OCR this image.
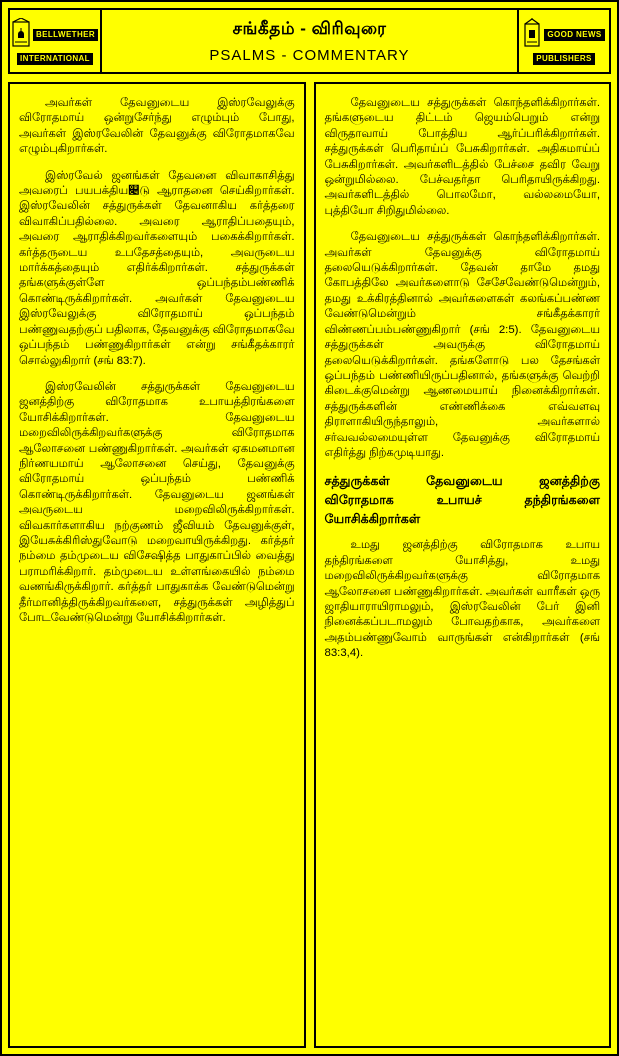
BELLWETHER
INTERNATIONAL
சங்கீதம் - விரிவுரை
PSALMS - COMMENTARY
GOOD NEWS
PUBLISHERS

அவர்கள் தேவனுடைய இஸ்ரவேலுக்கு விரோதமாய் ஒன்றுசேர்ந்து எழும்பும் போது, அவர்கள் இஸ்ரவேலின் தேவனுக்கு விரோதமாகவே எழும்புகிறார்கள்.

இஸ்ரவேல் ஜனங்கள் தேவனை விவாகாசித்து அவரைப் பயபக்திய௄டு ஆராதனை செய்கிறார்கள். இஸ்ரவேலின் சத்துருக்கள் தேவனாகிய கர்த்தரை விவாகிப்பதில்லை. அவரை ஆராதிப்பதையும், அவரை ஆராதிக்கிறவர்களையும் பகைக்கிறார்கள். கர்த்தருடைய உபதேசத்தையும், அவருடைய மார்க்கத்தையும் எதிர்க்கிறார்கள். சத்துருக்கள் தங்களுக்குள்ளே ஒப்பந்தம்பண்ணிக் கொண்டிருக்கிறார்கள். அவர்கள் தேவனுடைய இஸ்ரவேலுக்கு விரோதமாய் ஒப்பந்தம் பண்ணுவதற்குப் பதிலாக, தேவனுக்கு விரோதமாகவே ஒப்பந்தம் பண்ணுகிறார்கள் என்று சங்கீதக்காரர் சொல்லுகிறார் (சங் 83:7).

இஸ்ரவேலின் சத்துருக்கள் தேவனுடைய ஜனத்திற்கு விரோதமாக உபாயத்திரங்களை யோசிக்கிறார்கள். தேவனுடைய மறைவிலிருக்கிறவர்களுக்கு விரோதமாக ஆலோசனை பண்ணுகிறார்கள். அவர்கள் ஏகமனமான நிர்ணயமாய் ஆலோசனை செய்து, தேவனுக்கு விரோதமாய் ஒப்பந்தம் பண்ணிக் கொண்டிருக்கிறார்கள். தேவனுடைய ஜனங்கள் அவருடைய மறைவிலிருக்கிறார்கள். விவகார்களாகிய நற்குணம் ஜீவியம் தேவனுக்குள், இயேசுக்கிரிஸ்துவோடு மறைவாயிருக்கிறது. கர்த்தர் நம்மை தம்முடைய விசேஷித்த பாதுகாப்பில் வைத்து பராமரிக்கிறார். தம்முடைய உள்ளங்கையில் நம்மை வணங்கிருக்கிறார். கர்த்தர் பாதுகாக்க வேண்டுமென்று தீர்மானித்திருக்கிறவர்களை, சத்துருக்கள் அழித்துப் போடவேண்டுமென்று யோசிக்கிறார்கள்.

தேவனுடைய சத்துருக்கள் கொந்தளிக்கிறார்கள். தங்களுடைய திட்டம் ஜெயம்பெறும் என்று விருதாவாய் போத்திய ஆர்ப்பரிக்கிறார்கள். சத்துருக்கள் பெரிதாய்ப் பேசுகிறார்கள். அதிகமாய்ப் பேசுகிறார்கள். அவர்களிடத்தில் பேச்சை தவிர வேறு ஒன்றுமில்லை. பேச்வதர்தா பெரிதாயிருக்கிறது. அவர்களிடத்தில் பொலமோ, வல்லமையோ, புத்தியோ சிறிதுமில்லை.

தேவனுடைய சத்துருக்கள் கொந்தளிக்கிறார்கள். அவர்கள் தேவனுக்கு விரோதமாய் தலையெடுக்கிறார்கள். தேவன் தாமே தமது கோபத்திலே அவர்களைாடு சேசேவேண்டுமென்றும், தமது உக்கிரத்தினால் அவர்களைகள் கலங்கப்பண்ண வேண்டுமென்றும் சங்கீதக்காரர் விண்ணப்பம்பண்ணுகிறார் (சங் 2:5). தேவனுடைய சத்துருக்கள் அவருக்கு விரோதமாய் தலையெடுக்கிறார்கள். தங்களோடு பல தேசங்கள் ஒப்பந்தம் பண்ணியிருப்பதினால், தங்களுக்கு வெற்றி கிடைக்குமென்று ஆணமையாய் நினைக்கிறார்கள். சத்துருக்களின் எண்ணிக்கை எவ்வளவு திராளாகியிருந்தாலும், அவர்களால் சர்வவல்லமையுள்ள தேவனுக்கு விரோதமாய் எதிர்த்து நிற்கமுடியாது.

சத்துருக்கள் தேவனுடைய ஜனத்திற்கு விரோதமாக உபாயச் தந்திரங்களை யோசிக்கிறார்கள்

உமது ஜனத்திற்கு விரோதமாக உபாய தந்திரங்களை யோசித்து, உமது மறைவிலிருக்கிறவர்களுக்கு விரோதமாக ஆலோசனை பண்ணுகிறார்கள். அவர்கள் வாரீகள் ஒரு ஜாதியாராயிராமலும், இஸ்ரவேலின் பேர் இனி நினைக்கப்படாமலும் போவதற்காக, அவர்களை அதம்பண்ணுவோம் வாருங்கள் என்கிறார்கள் (சங் 83:3,4).
